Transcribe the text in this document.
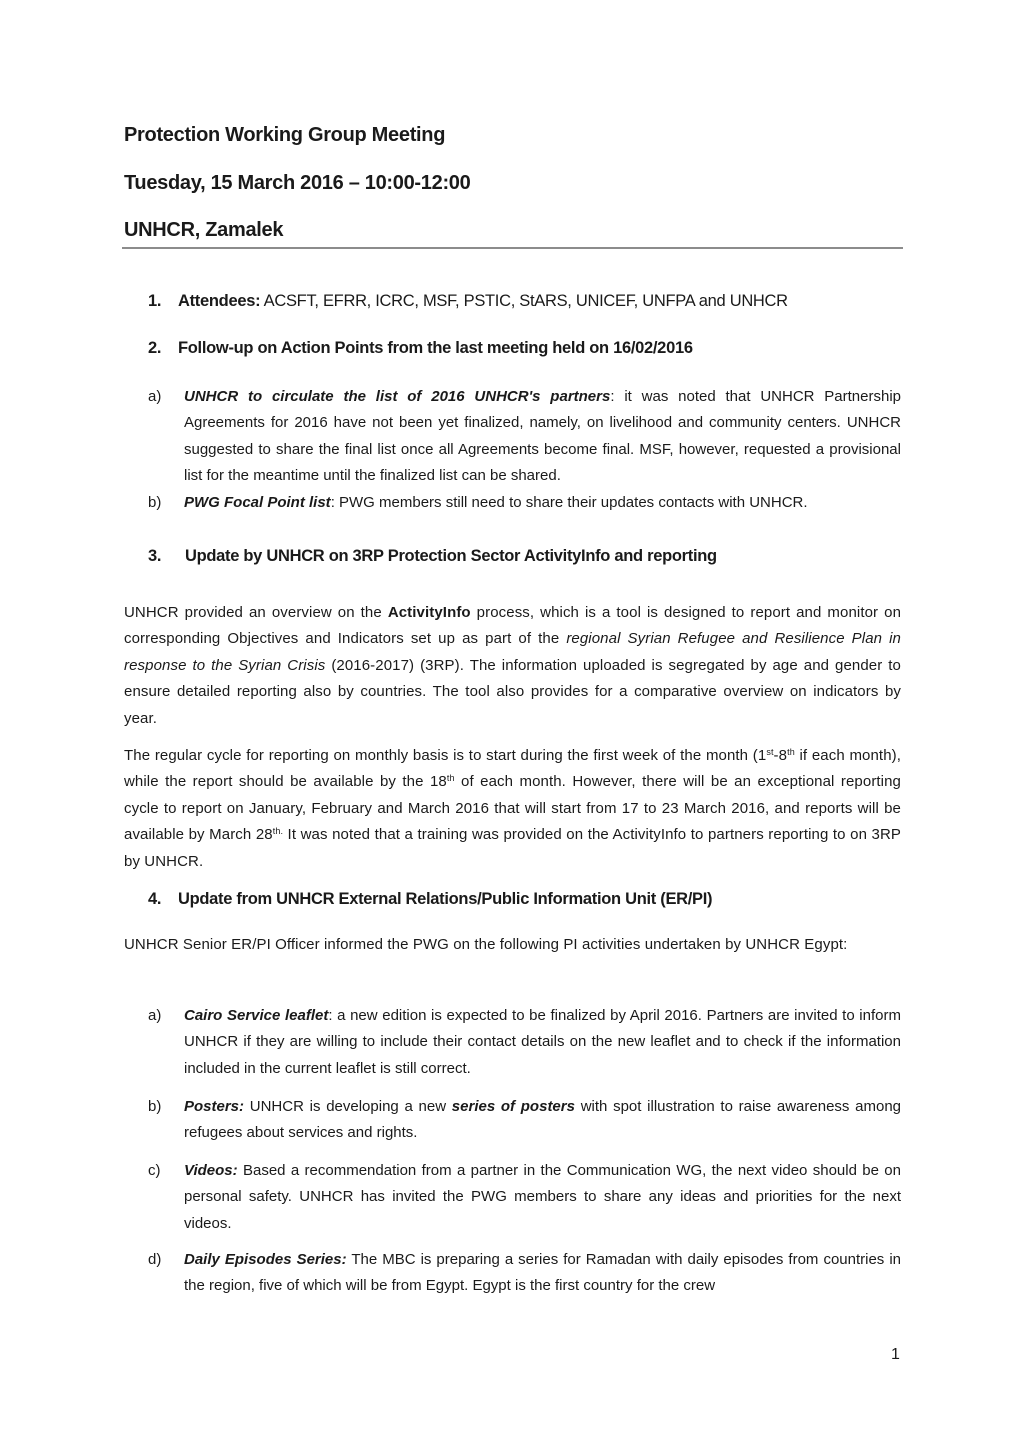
Protection Working Group Meeting
Tuesday, 15 March 2016 – 10:00-12:00
UNHCR, Zamalek
1. Attendees: ACSFT, EFRR, ICRC, MSF, PSTIC, StARS, UNICEF, UNFPA and UNHCR
2. Follow-up on Action Points from the last meeting held on 16/02/2016
a)	UNHCR to circulate the list of 2016 UNHCR's partners: it was noted that UNHCR Partnership Agreements for 2016 have not been yet finalized, namely, on livelihood and community centers. UNHCR suggested to share the final list once all Agreements become final. MSF, however, requested a provisional list for the meantime until the finalized list can be shared.
b)	PWG Focal Point list: PWG members still need to share their updates contacts with UNHCR.
3. Update by UNHCR on 3RP Protection Sector ActivityInfo and reporting
UNHCR provided an overview on the ActivityInfo process, which is a tool is designed to report and monitor on corresponding Objectives and Indicators set up as part of the regional Syrian Refugee and Resilience Plan in response to the Syrian Crisis (2016-2017) (3RP). The information uploaded is segregated by age and gender to ensure detailed reporting also by countries. The tool also provides for a comparative overview on indicators by year.
The regular cycle for reporting on monthly basis is to start during the first week of the month (1st-8th if each month), while the report should be available by the 18th of each month. However, there will be an exceptional reporting cycle to report on January, February and March 2016 that will start from 17 to 23 March 2016, and reports will be available by March $28^{th.}$ It was noted that a training was provided on the ActivityInfo to partners reporting to on 3RP by UNHCR.
4. Update from UNHCR External Relations/Public Information Unit (ER/PI)
UNHCR Senior ER/PI Officer informed the PWG on the following PI activities undertaken by UNHCR Egypt:
a)	Cairo Service leaflet: a new edition is expected to be finalized by April 2016. Partners are invited to inform UNHCR if they are willing to include their contact details on the new leaflet and to check if the information included in the current leaflet is still correct.
b)	Posters: UNHCR is developing a new series of posters with spot illustration to raise awareness among refugees about services and rights.
c)	Videos: Based a recommendation from a partner in the Communication WG, the next video should be on personal safety. UNHCR has invited the PWG members to share any ideas and priorities for the next videos.
d)	Daily Episodes Series: The MBC is preparing a series for Ramadan with daily episodes from countries in the region, five of which will be from Egypt. Egypt is the first country for the crew
1
